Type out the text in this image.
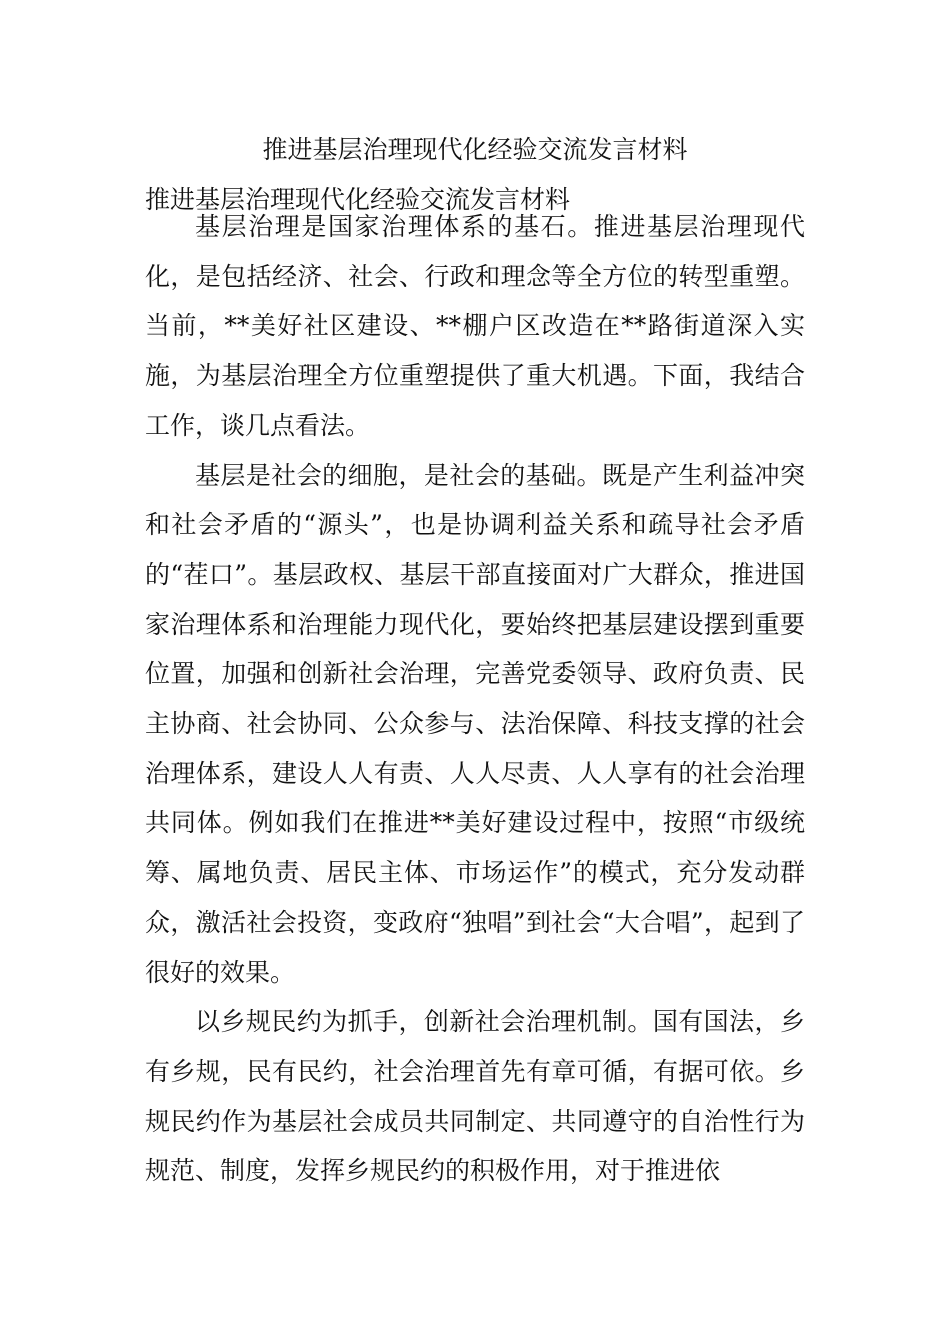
推进基层治理现代化经验交流发言材料
推进基层治理现代化经验交流发言材料

基层治理是国家治理体系的基石。推进基层治理现代化，是包括经济、社会、行政和理念等全方位的转型重塑。当前，**美好社区建设、**棚户区改造在**路街道深入实施，为基层治理全方位重塑提供了重大机遇。下面，我结合工作，谈几点看法。

基层是社会的细胞，是社会的基础。既是产生利益冲突和社会矛盾的“源头”，也是协调利益关系和疏导社会矛盾的“茬口”。基层政权、基层干部直接面对广大群众，推进国家治理体系和治理能力现代化，要始终把基层建设摆到重要位置，加强和创新社会治理，完善党委领导、政府负责、民主协商、社会协同、公众参与、法治保障、科技支撑的社会治理体系，建设人人有责、人人尽责、人人享有的社会治理共同体。例如我们在推进**美好建设过程中，按照“市级统筹、属地负责、居民主体、市场运作”的模式，充分发动群众，激活社会投资，变政府“独唱”到社会“大合唱”，起到了很好的效果。

以乡规民约为抓手，创新社会治理机制。国有国法，乡有乡规，民有民约，社会治理首先有章可循，有据可依。乡规民约作为基层社会成员共同制定、共同遵守的自治性行为规范、制度，发挥乡规民约的积极作用，对于推进依
